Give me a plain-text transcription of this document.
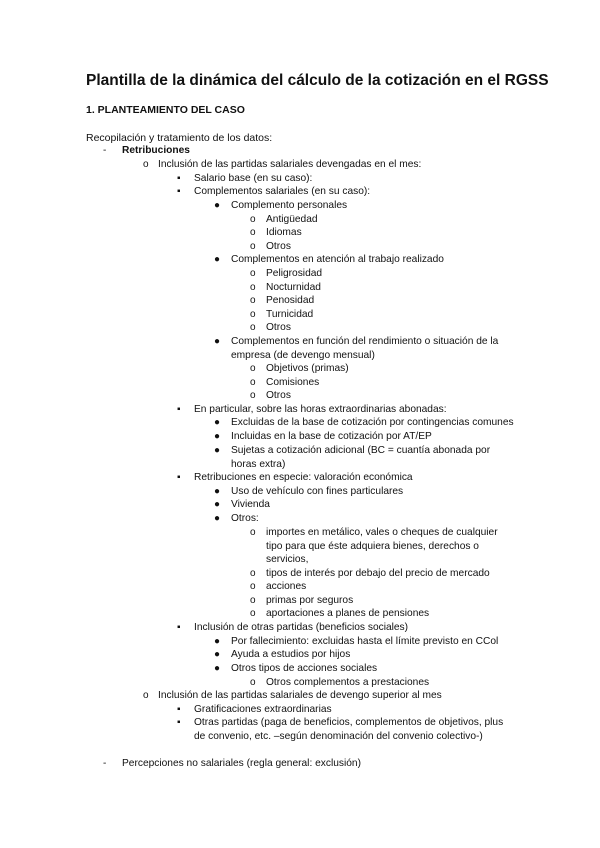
Plantilla de la dinámica del cálculo de la cotización en el RGSS
1. PLANTEAMIENTO DEL CASO
Recopilación y tratamiento de los datos:
- Retribuciones
o Inclusión de las partidas salariales devengadas en el mes:
▪ Salario base (en su caso):
▪ Complementos salariales (en su caso):
● Complemento personales
o Antigüedad
o Idiomas
o Otros
● Complementos en atención al trabajo realizado
o Peligrosidad
o Nocturnidad
o Penosidad
o Turnicidad
o Otros
● Complementos en función del rendimiento o situación de la empresa (de devengo mensual)
o Objetivos (primas)
o Comisiones
o Otros
▪ En particular, sobre las horas extraordinarias abonadas:
● Excluidas de la base de cotización por contingencias comunes
● Incluidas en la base de cotización por AT/EP
● Sujetas a cotización adicional (BC = cuantía abonada por horas extra)
▪ Retribuciones en especie: valoración económica
● Uso de vehículo con fines particulares
● Vivienda
● Otros:
o importes en metálico, vales o cheques de cualquier tipo para que éste adquiera bienes, derechos o servicios,
o tipos de interés por debajo del precio de mercado
o acciones
o primas por seguros
o aportaciones a planes de pensiones
▪ Inclusión de otras partidas (beneficios sociales)
● Por fallecimiento: excluidas hasta el límite previsto en CCol
● Ayuda a estudios por hijos
● Otros tipos de acciones sociales
o Otros complementos a prestaciones
o Inclusión de las partidas salariales de devengo superior al mes
▪ Gratificaciones extraordinarias
▪ Otras partidas (paga de beneficios, complementos de objetivos, plus de convenio, etc. –según denominación del convenio colectivo-)
- Percepciones no salariales (regla general: exclusión)
